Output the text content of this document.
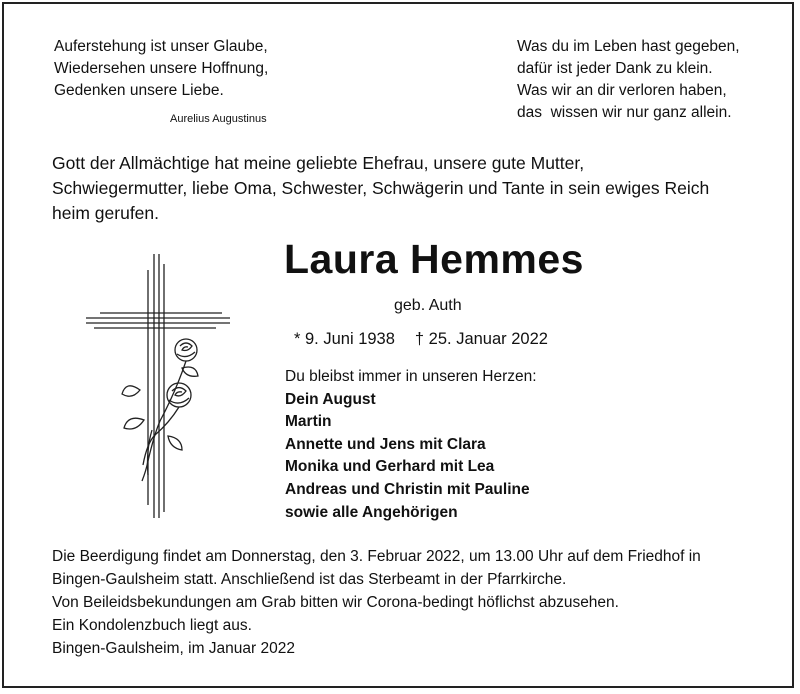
Auferstehung ist unser Glaube,
Wiedersehen unsere Hoffnung,
Gedenken unsere Liebe.
Aurelius Augustinus
Was du im Leben hast gegeben,
dafür ist jeder Dank zu klein.
Was wir an dir verloren haben,
das  wissen wir nur ganz allein.
Gott der Allmächtige hat meine geliebte Ehefrau, unsere gute Mutter,
Schwiegermutter, liebe Oma, Schwester, Schwägerin und Tante in sein ewiges Reich
heim gerufen.
Laura Hemmes
geb. Auth
* 9. Juni 1938 † 25. Januar 2022
Du bleibst immer in unseren Herzen:
Dein August
Martin
Annette und Jens mit Clara
Monika und Gerhard mit Lea
Andreas und Christin mit Pauline
sowie alle Angehörigen
Die Beerdigung findet am Donnerstag, den 3. Februar 2022, um 13.00 Uhr auf dem Friedhof in
Bingen-Gaulsheim statt. Anschließend ist das Sterbeamt in der Pfarrkirche.
Von Beileidsbekundungen am Grab bitten wir Corona-bedingt höflichst abzusehen.
Ein Kondolenzbuch liegt aus.
Bingen-Gaulsheim, im Januar 2022
